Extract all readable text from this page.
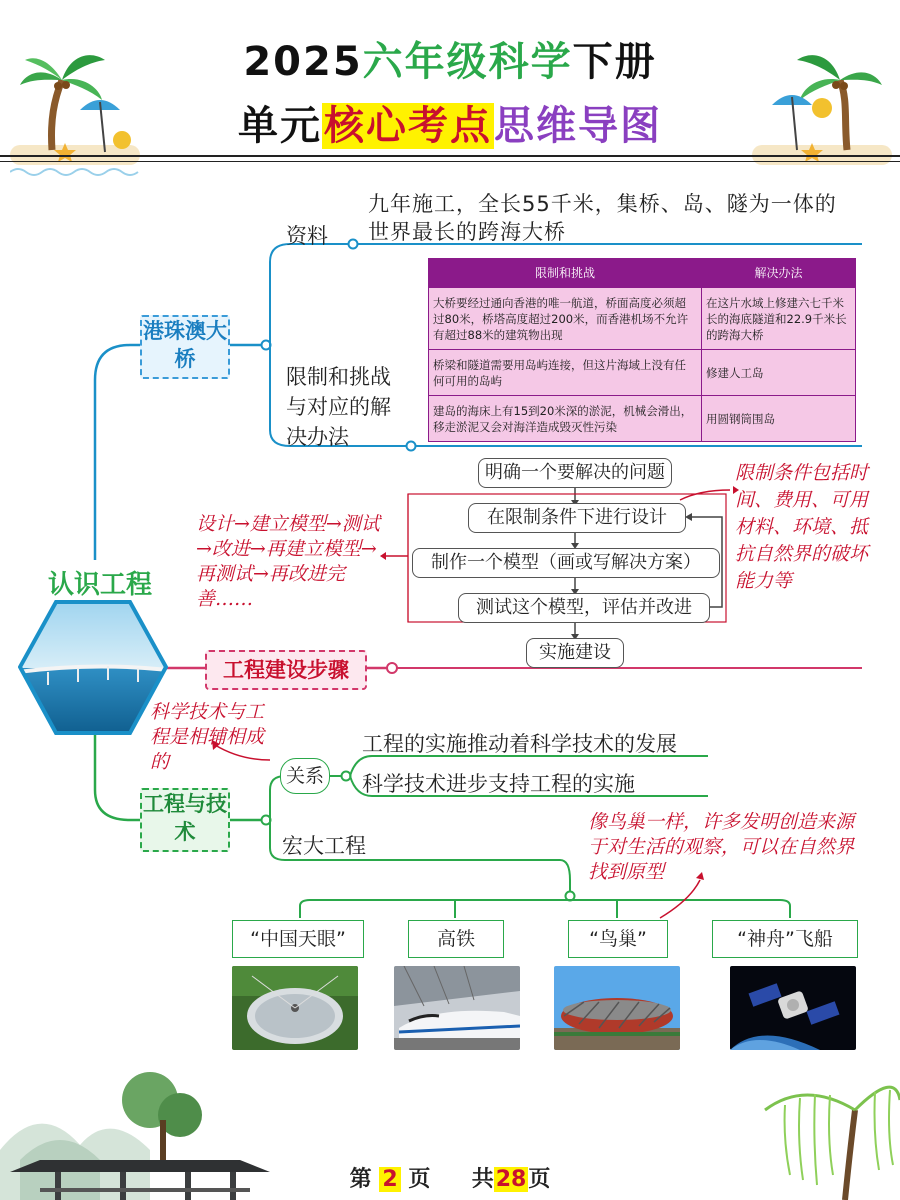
2025六年级科学下册
单元核心考点思维导图
认识工程
港珠澳大桥
资料
九年施工，全长55千米，集桥、岛、隧为一体的世界最长的跨海大桥
限制和挑战与对应的解决办法
限制和挑战	解决办法
大桥要经过通向香港的唯一航道，桥面高度必须超过80米，桥塔高度超过200米，而香港机场不允许有超过88米的建筑物出现	在这片水域上修建六七千米长的海底隧道和22.9千米长的跨海大桥
桥梁和隧道需要用岛屿连接，但这片海域上没有任何可用的岛屿	修建人工岛
建岛的海床上有15到20米深的淤泥，机械会滑出，移走淤泥又会对海洋造成毁灭性污染	用圆钢筒围岛
工程建设步骤
明确一个要解决的问题
在限制条件下进行设计
制作一个模型（画或写解决方案）
测试这个模型，评估并改进
实施建设
设计→建立模型→测试→改进→再建立模型→再测试→再改进完善……
限制条件包括时间、费用、可用材料、环境、抵抗自然界的破坏能力等
工程与技术
科学技术与工程是相辅相成的
关系
工程的实施推动着科学技术的发展
科学技术进步支持工程的实施
宏大工程
像鸟巢一样，许多发明创造来源于对生活的观察，可以在自然界找到原型
“中国天眼”	高铁	“鸟巢”	“神舟”飞船
第 2 页 共28页
